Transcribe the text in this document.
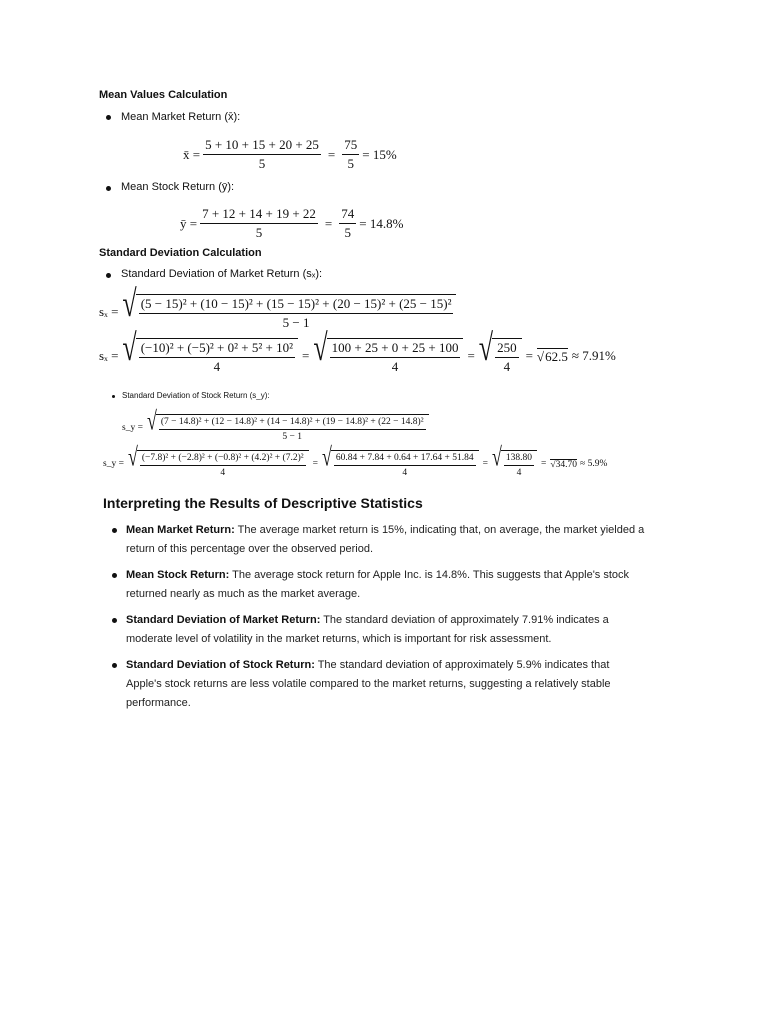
Mean Values Calculation
Mean Market Return (x̄):
x̄ = $\frac{5 + 10 + 15 + 20 + 25}{5} = \frac{75}{5} = 15\%$
Mean Stock Return (ȳ):
ȳ = $\frac{7 + 12 + 14 + 19 + 22}{5} = \frac{74}{5} = 14.8\%$
Standard Deviation Calculation
Standard Deviation of Market Return (sₓ):
sₓ = √ (5 − 15)² + (10 − 15)² + (15 − 15)² + (20 − 15)² + (25 − 15)²
5 − 1
sₓ = √ $\frac{\text{(−10)² + (−5)² + 0² + 5² + 10²}}{4}$ = √ $\frac{100 + 25 + 0 + 25 + 100}{4}$ = √ $\frac{250}{4} = √62.5 \approx 7.91\%$
Standard Deviation of Stock Return (s_y):
s_y = √ (7 − 14.8)² + (12 − 14.8)² + (14 − 14.8)² + (19 − 14.8)² + (22 − 14.8)²
5 − 1
s_y = √ $\frac{\text{(−7.8)² + (−2.8)² + (−0.8)² + (4.2)² + (7.2)²}}{4}$ = √ $\frac{60.84 + 7.84 + 0.64 + 17.64 + 51.84}{4}$ = √ $\frac{138.80}{4} = √34.70 \approx 5.9\%$
Interpreting the Results of Descriptive Statistics
Mean Market Return: The average market return is 15%, indicating that, on average, the market yielded a return of this percentage over the observed period.
Mean Stock Return: The average stock return for Apple Inc. is 14.8%. This suggests that Apple's stock returned nearly as much as the market average.
Standard Deviation of Market Return: The standard deviation of approximately 7.91% indicates a moderate level of volatility in the market returns, which is important for risk assessment.
Standard Deviation of Stock Return: The standard deviation of approximately 5.9% indicates that Apple's stock returns are less volatile compared to the market returns, suggesting a relatively stable performance.
